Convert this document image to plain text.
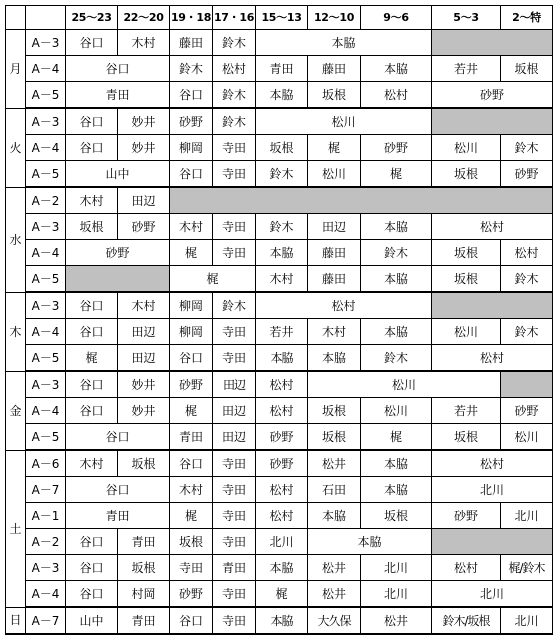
		25～23	22～20	19・18	17・16	15～13	12～10	9～6	5～3	2～特
月	A－3	谷口	木村	藤田	鈴木	本脇				
	A－4	谷口		鈴木	松村	青田	藤田	本脇	若井	坂根
	A－5	青田		谷口	鈴木	本脇	坂根	松村	砂野	
火	A－3	谷口	妙井	砂野	鈴木	松川				
	A－4	谷口	妙井	柳岡	寺田	坂根	梶	砂野	松川	鈴木
	A－5	山中		谷口	寺田	鈴木	松川	梶	坂根	砂野
水	A－2	木村	田辺							
	A－3	坂根	砂野	木村	寺田	鈴木	田辺	本脇	松村	
	A－4	砂野		梶	寺田	本脇	藤田	鈴木	坂根	松村
	A－5			梶		木村	藤田	本脇	坂根	鈴木
木	A－3	谷口	木村	柳岡	鈴木	松村				
	A－4	谷口	田辺	柳岡	寺田	若井	木村	本脇	松川	鈴木
	A－5	梶	田辺	谷口	寺田	本脇	本脇	鈴木	松村	
金	A－3	谷口	妙井	砂野	田辺	松村	松川			
	A－4	谷口	妙井	梶	田辺	松村	坂根	松川	若井	砂野
	A－5	谷口		青田	田辺	砂野	坂根	梶	坂根	松川
土	A－6	木村	坂根	谷口	寺田	砂野	松井	本脇	松村	
	A－7	谷口		木村	寺田	松村	石田	本脇	北川	
	A－1	青田		梶	寺田	松村	本脇	坂根	砂野	北川
	A－2	谷口	青田	坂根	寺田	北川	本脇			
	A－3	谷口	坂根	寺田	青田	本脇	松井	北川	松村	梶/鈴木
	A－4	谷口	村岡	砂野	寺田	梶	松井	北川	北川	
日	A－7	山中	青田	谷口	寺田	本脇	大久保	松井	鈴木/坂根	北川
